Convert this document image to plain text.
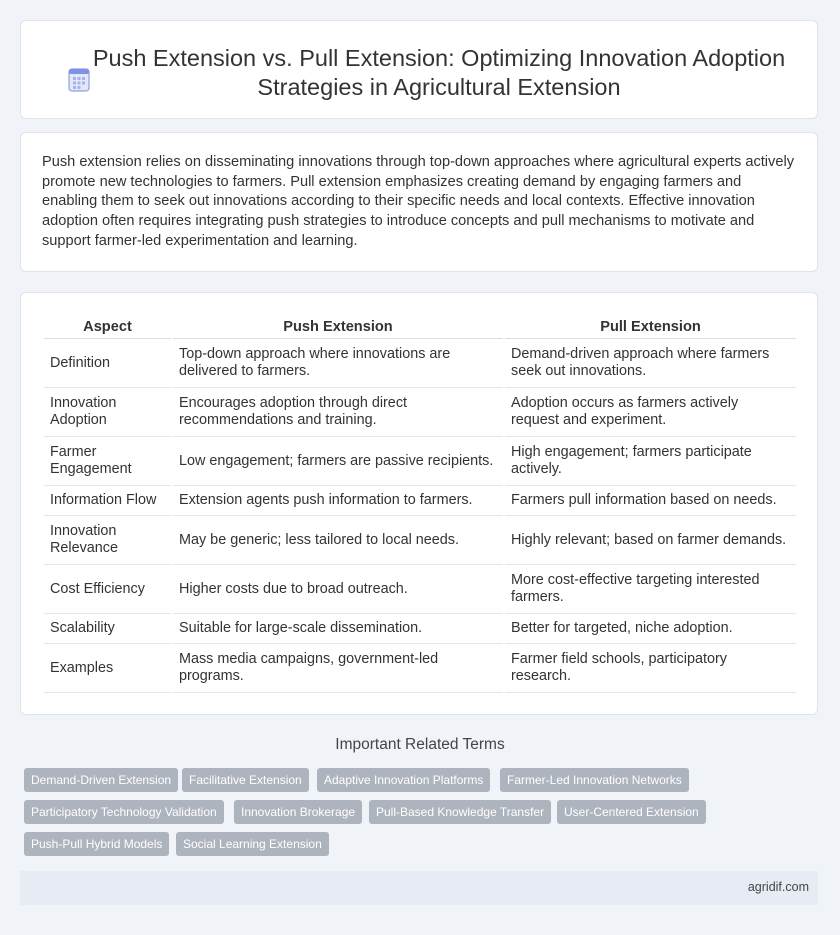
Push Extension vs. Pull Extension: Optimizing Innovation Adoption Strategies in Agricultural Extension

Push extension relies on disseminating innovations through top-down approaches where agricultural experts actively promote new technologies to farmers. Pull extension emphasizes creating demand by engaging farmers and enabling them to seek out innovations according to their specific needs and local contexts. Effective innovation adoption often requires integrating push strategies to introduce concepts and pull mechanisms to motivate and support farmer-led experimentation and learning.

Aspect	Push Extension	Pull Extension
Definition	Top-down approach where innovations are delivered to farmers.	Demand-driven approach where farmers seek out innovations.
Innovation Adoption	Encourages adoption through direct recommendations and training.	Adoption occurs as farmers actively request and experiment.
Farmer Engagement	Low engagement; farmers are passive recipients.	High engagement; farmers participate actively.
Information Flow	Extension agents push information to farmers.	Farmers pull information based on needs.
Innovation Relevance	May be generic; less tailored to local needs.	Highly relevant; based on farmer demands.
Cost Efficiency	Higher costs due to broad outreach.	More cost-effective targeting interested farmers.
Scalability	Suitable for large-scale dissemination.	Better for targeted, niche adoption.
Examples	Mass media campaigns, government-led programs.	Farmer field schools, participatory research.
Important Related Terms
Demand-Driven Extension	Facilitative Extension	Adaptive Innovation Platforms	Farmer-Led Innovation Networks
Participatory Technology Validation	Innovation Brokerage	Pull-Based Knowledge Transfer	User-Centered Extension
Push-Pull Hybrid Models	Social Learning Extension
agridif.com
